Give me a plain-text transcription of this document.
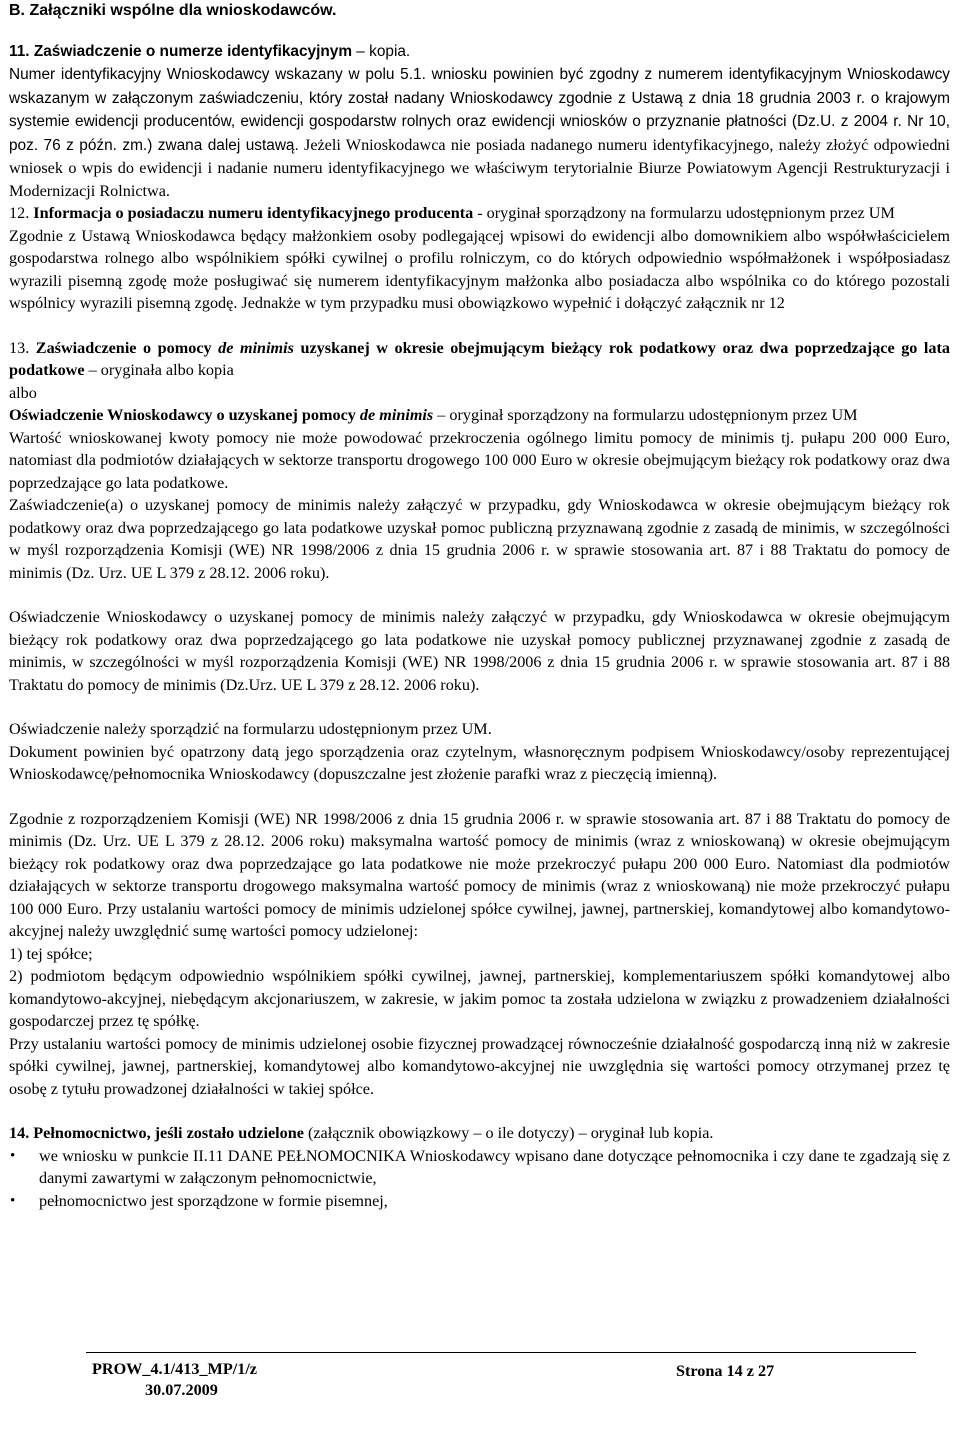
B. Załączniki wspólne dla wnioskodawców.

11. Zaświadczenie o numerze identyfikacyjnym – kopia.

Numer identyfikacyjny Wnioskodawcy wskazany w polu 5.1. wniosku powinien być zgodny z numerem identyfikacyjnym Wnioskodawcy wskazanym w załączonym zaświadczeniu, który został nadany Wnioskodawcy zgodnie z Ustawą z dnia 18 grudnia 2003 r. o krajowym systemie ewidencji producentów, ewidencji gospodarstw rolnych oraz ewidencji wniosków o przyznanie płatności (Dz.U. z 2004 r. Nr 10, poz. 76 z późn. zm.) zwana dalej ustawą. Jeżeli Wnioskodawca nie posiada nadanego numeru identyfikacyjnego, należy złożyć odpowiedni wniosek o wpis do ewidencji i nadanie numeru identyfikacyjnego we właściwym terytorialnie Biurze Powiatowym Agencji Restrukturyzacji i Modernizacji Rolnictwa.

12. Informacja o posiadaczu numeru identyfikacyjnego producenta - oryginał sporządzony na formularzu udostępnionym przez UM

Zgodnie z Ustawą Wnioskodawca będący małżonkiem osoby podlegającej wpisowi do ewidencji albo domownikiem albo współwłaścicielem gospodarstwa rolnego albo wspólnikiem spółki cywilnej o profilu rolniczym, co do których odpowiednio współmałżonek i współposiadasz wyrazili pisemną zgodę może posługiwać się numerem identyfikacyjnym małżonka albo posiadacza albo wspólnika co do którego pozostali wspólnicy wyrazili pisemną zgodę. Jednakże w tym przypadku musi obowiązkowo wypełnić i dołączyć załącznik nr 12

13. Zaświadczenie o pomocy de minimis uzyskanej w okresie obejmującym bieżący rok podatkowy oraz dwa poprzedzające go lata podatkowe – oryginała albo kopia

albo

Oświadczenie Wnioskodawcy o uzyskanej pomocy de minimis – oryginał sporządzony na formularzu udostępnionym przez UM

Wartość wnioskowanej kwoty pomocy nie może powodować przekroczenia ogólnego limitu pomocy de minimis tj. pułapu 200 000 Euro, natomiast dla podmiotów działających w sektorze transportu drogowego 100 000 Euro w okresie obejmującym bieżący rok podatkowy oraz dwa poprzedzające go lata podatkowe.

Zaświadczenie(a) o uzyskanej pomocy de minimis należy załączyć w przypadku, gdy Wnioskodawca w okresie obejmującym bieżący rok podatkowy oraz dwa poprzedzającego go lata podatkowe uzyskał pomoc publiczną przyznawaną zgodnie z zasadą de minimis, w szczególności w myśl rozporządzenia Komisji (WE) NR 1998/2006 z dnia 15 grudnia 2006 r. w sprawie stosowania art. 87 i 88 Traktatu do pomocy de minimis (Dz. Urz. UE L 379 z 28.12. 2006 roku).

Oświadczenie Wnioskodawcy o uzyskanej pomocy de minimis należy załączyć w przypadku, gdy Wnioskodawca w okresie obejmującym bieżący rok podatkowy oraz dwa poprzedzającego go lata podatkowe nie uzyskał pomocy publicznej przyznawanej zgodnie z zasadą de minimis, w szczególności w myśl rozporządzenia Komisji (WE) NR 1998/2006 z dnia 15 grudnia 2006 r. w sprawie stosowania art. 87 i 88 Traktatu do pomocy de minimis (Dz.Urz. UE L 379 z 28.12. 2006 roku).

Oświadczenie należy sporządzić na formularzu udostępnionym przez UM.

Dokument powinien być opatrzony datą jego sporządzenia oraz czytelnym, własnoręcznym podpisem Wnioskodawcy/osoby reprezentującej Wnioskodawcę/pełnomocnika Wnioskodawcy (dopuszczalne jest złożenie parafki wraz z pieczęcią imienną).

Zgodnie z rozporządzeniem Komisji (WE) NR 1998/2006 z dnia 15 grudnia 2006 r. w sprawie stosowania art. 87 i 88 Traktatu do pomocy de minimis (Dz. Urz. UE L 379 z 28.12. 2006 roku) maksymalna wartość pomocy de minimis (wraz z wnioskowaną) w okresie obejmującym bieżący rok podatkowy oraz dwa poprzedzające go lata podatkowe nie może przekroczyć pułapu 200 000 Euro. Natomiast dla podmiotów działających w sektorze transportu drogowego maksymalna wartość pomocy de minimis (wraz z wnioskowaną) nie może przekroczyć pułapu 100 000 Euro. Przy ustalaniu wartości pomocy de minimis udzielonej spółce cywilnej, jawnej, partnerskiej, komandytowej albo komandytowo-akcyjnej należy uwzględnić sumę wartości pomocy udzielonej:

1) tej spółce;

2) podmiotom będącym odpowiednio wspólnikiem spółki cywilnej, jawnej, partnerskiej, komplementariuszem spółki komandytowej albo komandytowo-akcyjnej, niebędącym akcjonariuszem, w zakresie, w jakim pomoc ta została udzielona w związku z prowadzeniem działalności gospodarczej przez tę spółkę.

Przy ustalaniu wartości pomocy de minimis udzielonej osobie fizycznej prowadzącej równocześnie działalność gospodarczą inną niż w zakresie spółki cywilnej, jawnej, partnerskiej, komandytowej albo komandytowo-akcyjnej nie uwzględnia się wartości pomocy otrzymanej przez tę osobę z tytułu prowadzonej działalności w takiej spółce.

14. Pełnomocnictwo, jeśli zostało udzielone (załącznik obowiązkowy – o ile dotyczy) – oryginał lub kopia.

• we wniosku w punkcie II.11 DANE PEŁNOMOCNIKA Wnioskodawcy wpisano dane dotyczące pełnomocnika i czy dane te zgadzają się z danymi zawartymi w załączonym pełnomocnictwie,
• pełnomocnictwo jest sporządzone w formie pisemnej,
PROW_4.1/413_MP/1/z
30.07.2009
Strona 14 z 27
